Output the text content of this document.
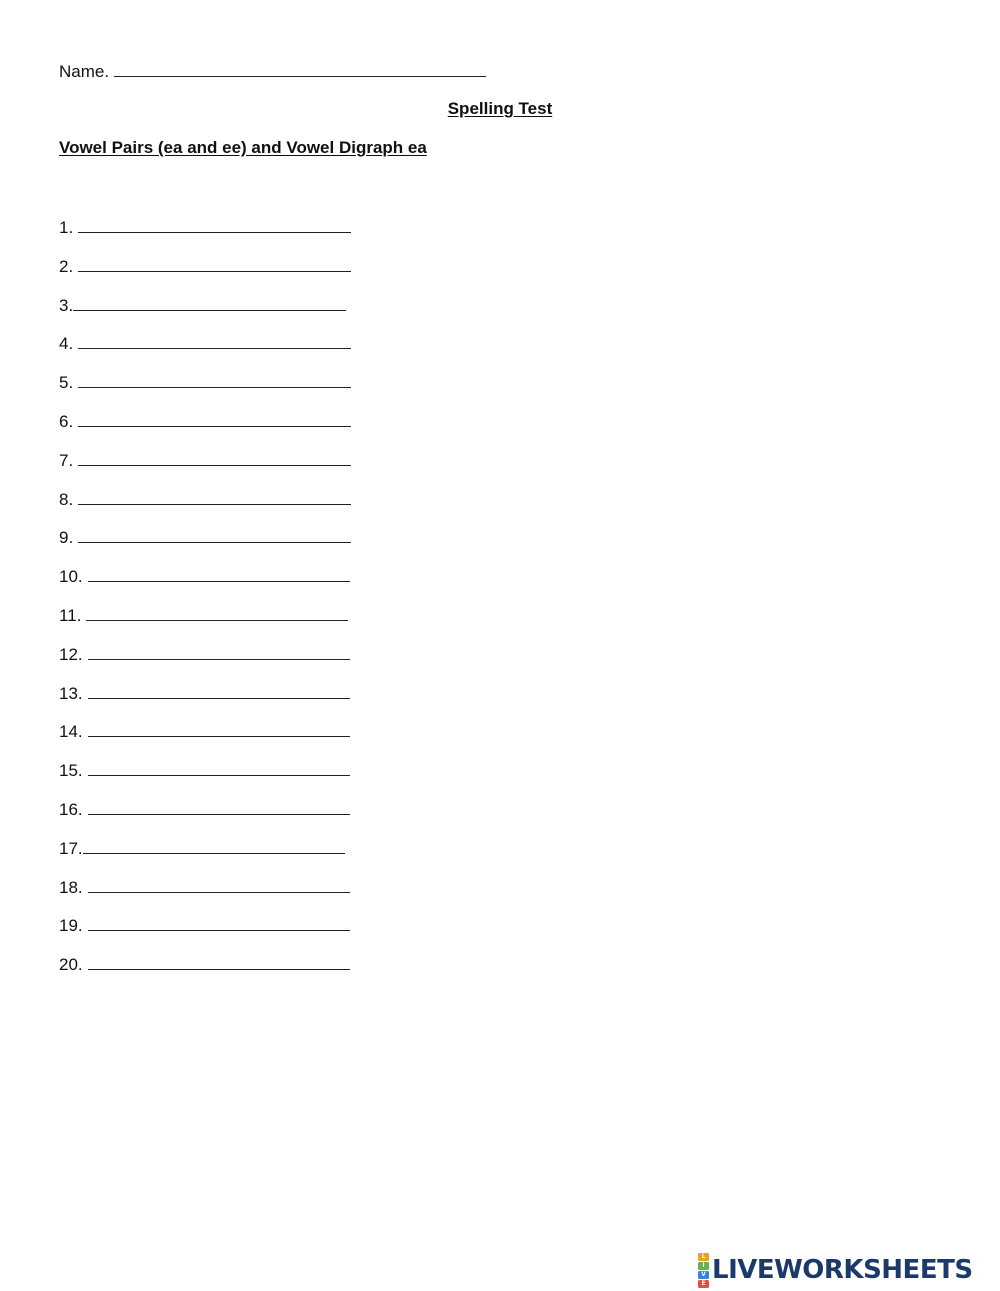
Name.
Spelling Test
Vowel Pairs (ea and ee) and Vowel Digraph ea
1.
2.
3.
4.
5.
6.
7.
8.
9.
10.
11.
12.
13.
14.
15.
16.
17.
18.
19.
20.
L
I
V
E LIVEWORKSHEETS
